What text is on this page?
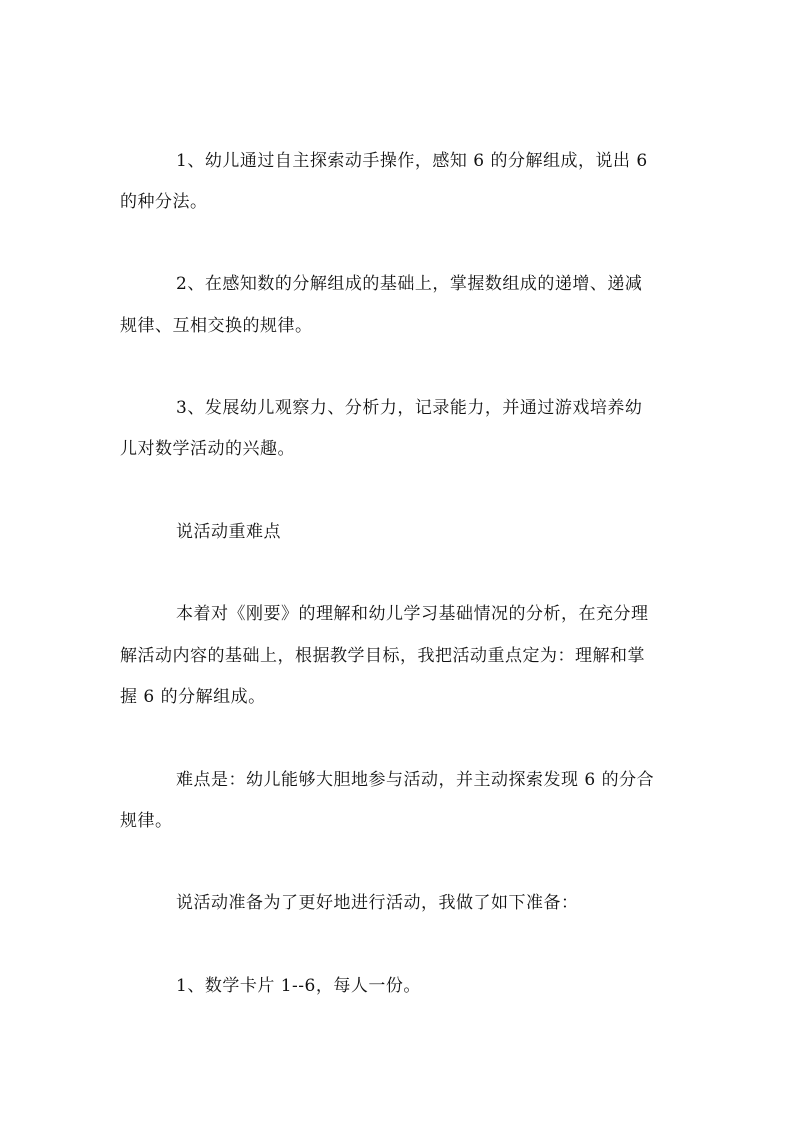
1、幼儿通过自主探索动手操作，感知 6 的分解组成，说出 6
的种分法。
2、在感知数的分解组成的基础上，掌握数组成的递增、递减
规律、互相交换的规律。
3、发展幼儿观察力、分析力，记录能力，并通过游戏培养幼
儿对数学活动的兴趣。
说活动重难点
本着对《刚要》的理解和幼儿学习基础情况的分析，在充分理
解活动内容的基础上，根据教学目标，我把活动重点定为：理解和掌
握 6 的分解组成。
难点是：幼儿能够大胆地参与活动，并主动探索发现 6 的分合
规律。
说活动准备为了更好地进行活动，我做了如下准备：
1、数学卡片 1--6，每人一份。
